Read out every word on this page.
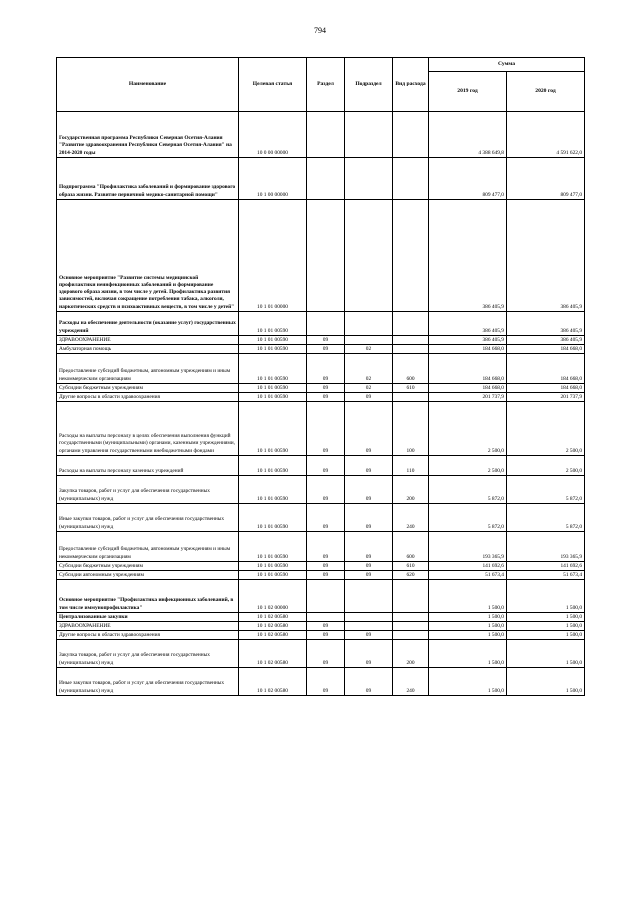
794
Наименование	Целевая статья	Раздел	Подраздел	Вид расхода	Сумма	
					2019 год	2020 год
Государственная программа Республики Северная Осетия-Алания "Развитие здравоохранения Республики Северная Осетия-Алания" на 2014-2020 годы	10 0 00 00000				4 388 649,8	4 591 622,0
Подпрограмма "Профилактика заболеваний и формирование здорового образа жизни. Развитие первичной медико-санитарной помощи"	10 1 00 00000				809 477,0	809 477,0
Основное мероприятие "Развитие системы медицинской профилактики неинфекционных заболеваний и формирование здорового образа жизни, в том числе у детей. Профилактика развития зависимостей, включая сокращение потребления табака, алкоголя, наркотических средств и психоактивных веществ, в том числе у детей"	10 1 01 00000				386 405,9	386 405,9
Расходы на обеспечение деятельности (оказание услуг) государственных учреждений	10 1 01 00590				386 405,9	386 405,9
ЗДРАВООХРАНЕНИЕ	10 1 01 00590	09			386 405,9	386 405,9
Амбулаторная помощь	10 1 01 00590	09	02		184 668,0	184 668,0
Предоставление субсидий бюджетным, автономным учреждениям и иным некоммерческим организациям	10 1 01 00590	09	02	600	184 668,0	184 668,0
Субсидии бюджетным учреждениям	10 1 01 00590	09	02	610	184 668,0	184 668,0
Другие вопросы в области здравоохранения	10 1 01 00590	09	09		201 737,9	201 737,9
Расходы на выплаты персоналу в целях обеспечения выполнения функций государственными (муниципальными) органами, казенными учреждениями, органами управления государственными внебюджетными фондами	10 1 01 00590	09	09	100	2 500,0	2 500,0
Расходы на выплаты персоналу казенных учреждений	10 1 01 00590	09	09	110	2 500,0	2 500,0
Закупка товаров, работ и услуг для обеспечения государственных (муниципальных) нужд	10 1 01 00590	09	09	200	5 872,0	5 872,0
Иные закупки товаров, работ и услуг для обеспечения государственных (муниципальных) нужд	10 1 01 00590	09	09	240	5 872,0	5 872,0
Предоставление субсидий бюджетным, автономным учреждениям и иным некоммерческим организациям	10 1 01 00590	09	09	600	193 365,9	193 365,9
Субсидии бюджетным учреждениям	10 1 01 00590	09	09	610	141 692,6	141 692,6
Субсидии автономным учреждениям	10 1 01 00590	09	09	620	51 673,4	51 673,4
Основное мероприятие "Профилактика инфекционных заболеваний, в том числе иммунопрофилактика"	10 1 02 00000				1 500,0	1 500,0
Централизованные закупки	10 1 02 00580				1 500,0	1 500,0
ЗДРАВООХРАНЕНИЕ	10 1 02 00580	09			1 500,0	1 500,0
Другие вопросы в области здравоохранения	10 1 02 00580	09	09		1 500,0	1 500,0
Закупка товаров, работ и услуг для обеспечения государственных (муниципальных) нужд	10 1 02 00580	09	09	200	1 500,0	1 500,0
Иные закупки товаров, работ и услуг для обеспечения государственных (муниципальных) нужд	10 1 02 00580	09	09	240	1 500,0	1 500,0
